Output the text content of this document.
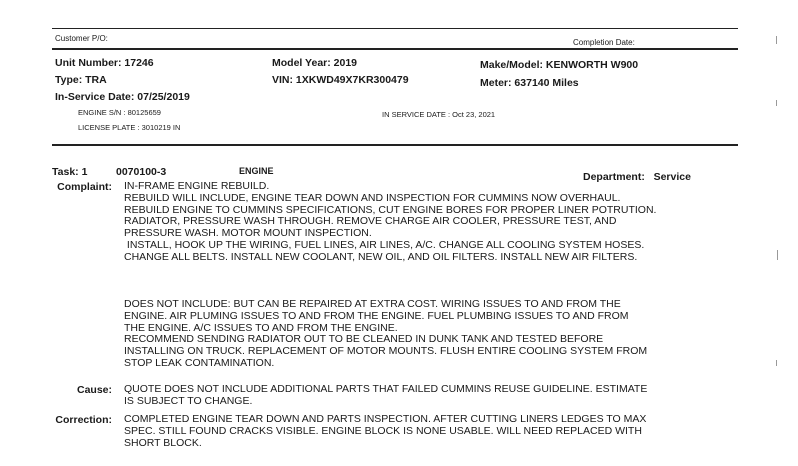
Customer P/O:	Completion Date:
Unit Number: 17246
Type: TRA
In-Service Date: 07/25/2019
ENGINE S/N : 80125659
LICENSE PLATE : 3010219 IN
Model Year: 2019
VIN: 1XKWD49X7KR300479
IN SERVICE DATE : Oct 23, 2021
Make/Model: KENWORTH W900
Meter: 637140 Miles
Task: 1	0070100-3	ENGINE	Department:   Service
Complaint: IN-FRAME ENGINE REBUILD.
REBUILD WILL INCLUDE, ENGINE TEAR DOWN AND INSPECTION FOR CUMMINS NOW OVERHAUL.
REBUILD ENGINE TO CUMMINS SPECIFICATIONS, CUT ENGINE BORES FOR PROPER LINER POTRUTION.
RADIATOR, PRESSURE WASH THROUGH. REMOVE CHARGE AIR COOLER, PRESSURE TEST, AND
PRESSURE WASH. MOTOR MOUNT INSPECTION.
INSTALL, HOOK UP THE WIRING, FUEL LINES, AIR LINES, A/C. CHANGE ALL COOLING SYSTEM HOSES.
CHANGE ALL BELTS. INSTALL NEW COOLANT, NEW OIL, AND OIL FILTERS. INSTALL NEW AIR FILTERS.
DOES NOT INCLUDE: BUT CAN BE REPAIRED AT EXTRA COST. WIRING ISSUES TO AND FROM THE
ENGINE. AIR PLUMING ISSUES TO AND FROM THE ENGINE. FUEL PLUMBING ISSUES TO AND FROM
THE ENGINE. A/C ISSUES TO AND FROM THE ENGINE.
RECOMMEND SENDING RADIATOR OUT TO BE CLEANED IN DUNK TANK AND TESTED BEFORE
INSTALLING ON TRUCK. REPLACEMENT OF MOTOR MOUNTS. FLUSH ENTIRE COOLING SYSTEM FROM
STOP LEAK CONTAMINATION.
Cause: QUOTE DOES NOT INCLUDE ADDITIONAL PARTS THAT FAILED CUMMINS REUSE GUIDELINE. ESTIMATE
IS SUBJECT TO CHANGE.
Correction: COMPLETED ENGINE TEAR DOWN AND PARTS INSPECTION. AFTER CUTTING LINERS LEDGES TO MAX
SPEC. STILL FOUND CRACKS VISIBLE. ENGINE BLOCK IS NONE USABLE. WILL NEED REPLACED WITH
SHORT BLOCK.
